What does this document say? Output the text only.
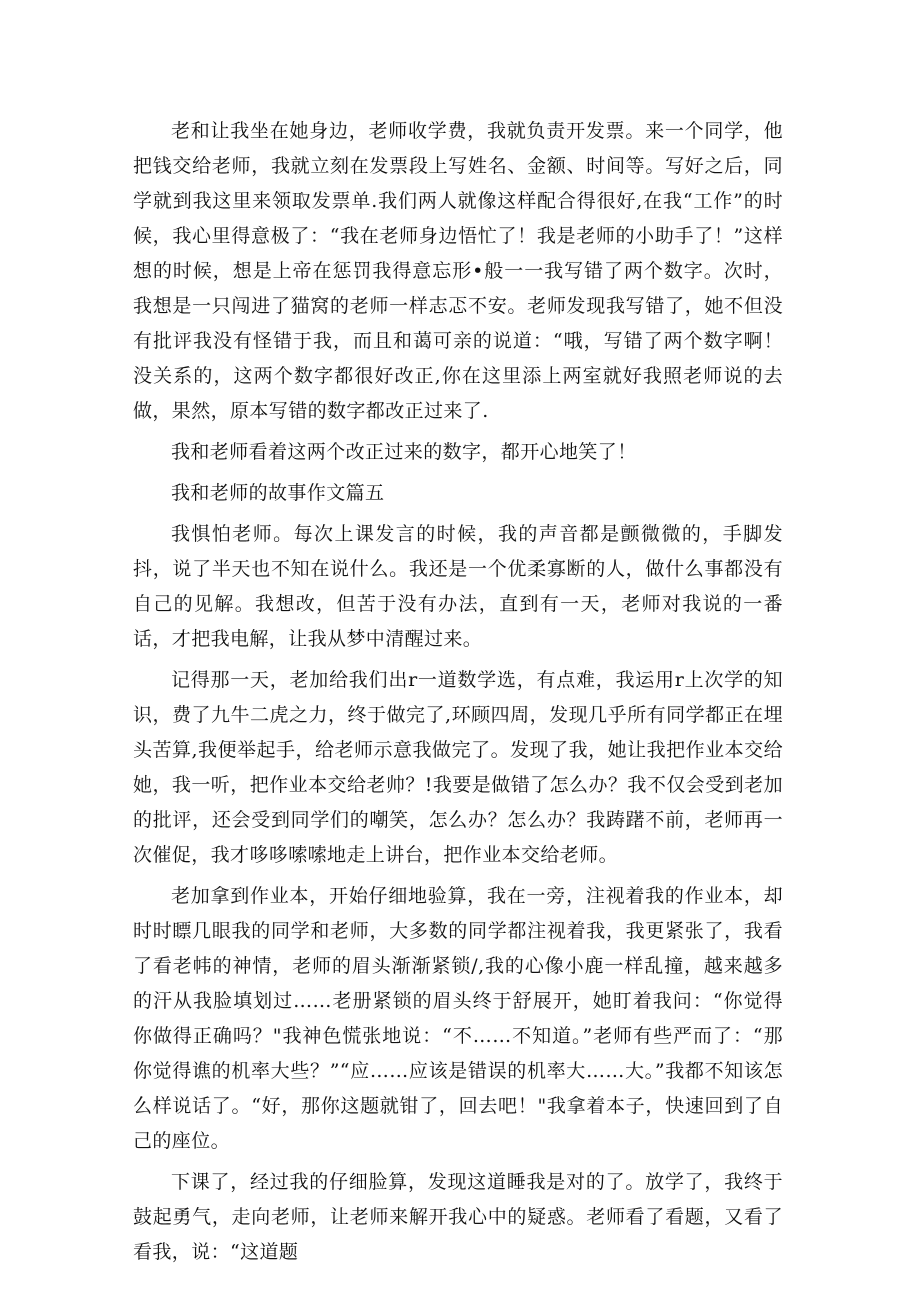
老和让我坐在她身边，老师收学费，我就负责开发票。来一个同学，他把钱交给老师，我就立刻在发票段上写姓名、金额、时间等。写好之后，同学就到我这里来领取发票单.我们两人就像这样配合得很好,在我“工作”的时候，我心里得意极了：“我在老师身边悟忙了！我是老师的小助手了！”这样想的时候，想是上帝在惩罚我得意忘形•般一一我写错了两个数字。次时，我想是一只闯进了猫窝的老师一样志忑不安。老师发现我写错了，她不但没有批评我没有怪错于我，而且和蔼可亲的说道：“哦，写错了两个数字啊！没关系的，这两个数字都很好改正,你在这里添上两室就好我照老师说的去做，果然，原本写错的数字都改正过来了.

我和老师看着这两个改正过来的数字，都开心地笑了！

我和老师的故事作文篇五

我惧怕老师。每次上课发言的时候，我的声音都是颤微微的，手脚发抖，说了半天也不知在说什么。我还是一个优柔寡断的人，做什么事都没有自己的见解。我想改，但苦于没有办法，直到有一天，老师对我说的一番话，才把我电解，让我从梦中清醒过来。

记得那一天，老加给我们出r一道数学选，有点难，我运用r上次学的知识，费了九牛二虎之力，终于做完了,环顾四周，发现几乎所有同学都正在埋头苦算,我便举起手，给老师示意我做完了。发现了我，她让我把作业本交给她，我一听，把作业本交给老帅？!我要是做错了怎么办？我不仅会受到老加的批评，还会受到同学们的嘲笑，怎么办？怎么办？我踌躇不前，老师再一次催促，我才哆哆嗦嗦地走上讲台，把作业本交给老师。

老加拿到作业本，开始仔细地验算，我在一旁，注视着我的作业本，却时时瞟几眼我的同学和老师，大多数的同学都注视着我，我更紧张了，我看了看老帏的神情，老师的眉头渐渐紧锁/,我的心像小鹿一样乱撞，越来越多的汗从我脸填划过……老册紧锁的眉头终于舒展开，她盯着我问：“你觉得你做得正确吗？"我神色慌张地说：“不……不知道。”老师有些严而了：“那你觉得谯的机率大些？”“应……应该是错误的机率大……大。”我都不知该怎么样说话了。“好，那你这题就钳了，回去吧！"我拿着本子，快速回到了自己的座位。

下课了，经过我的仔细脸算，发现这道睡我是对的了。放学了，我终于鼓起勇气，走向老师，让老师来解开我心中的疑惑。老师看了看题，又看了看我，说：“这道题
